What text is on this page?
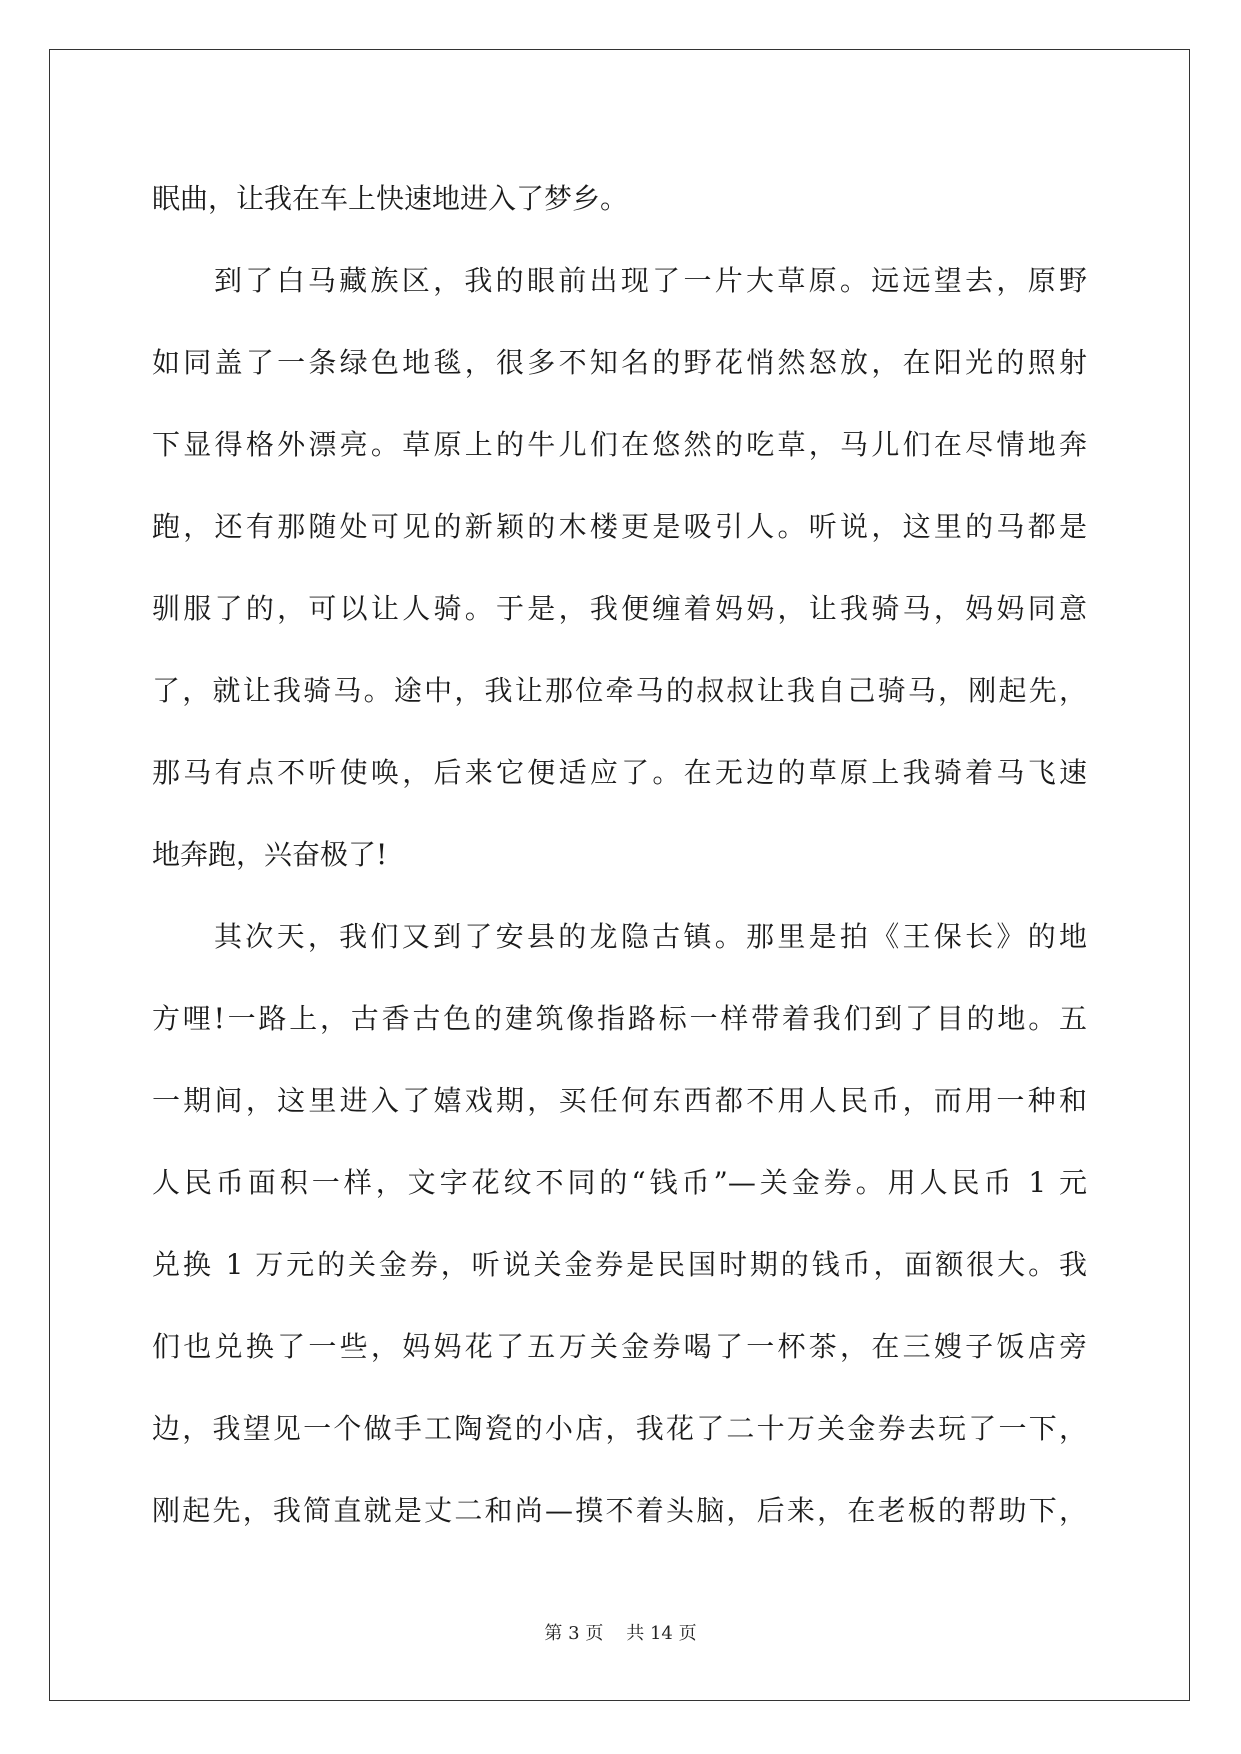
眠曲，让我在车上快速地进入了梦乡。
到了白马藏族区，我的眼前出现了一片大草原。远远望去，原野
如同盖了一条绿色地毯，很多不知名的野花悄然怒放，在阳光的照射
下显得格外漂亮。草原上的牛儿们在悠然的吃草，马儿们在尽情地奔
跑，还有那随处可见的新颖的木楼更是吸引人。听说，这里的马都是
驯服了的，可以让人骑。于是，我便缠着妈妈，让我骑马，妈妈同意
了，就让我骑马。途中，我让那位牵马的叔叔让我自己骑马，刚起先，
那马有点不听使唤，后来它便适应了。在无边的草原上我骑着马飞速
地奔跑，兴奋极了!
其次天，我们又到了安县的龙隐古镇。那里是拍《王保长》的地
方哩!一路上，古香古色的建筑像指路标一样带着我们到了目的地。五
一期间，这里进入了嬉戏期，买任何东西都不用人民币，而用一种和
人民币面积一样，文字花纹不同的“钱币”—关金券。用人民币 1 元
兑换 1 万元的关金券，听说关金券是民国时期的钱币，面额很大。我
们也兑换了一些，妈妈花了五万关金券喝了一杯茶，在三嫂子饭店旁
边，我望见一个做手工陶瓷的小店，我花了二十万关金券去玩了一下，
刚起先，我简直就是丈二和尚—摸不着头脑，后来，在老板的帮助下，
第 3 页 共 14 页
